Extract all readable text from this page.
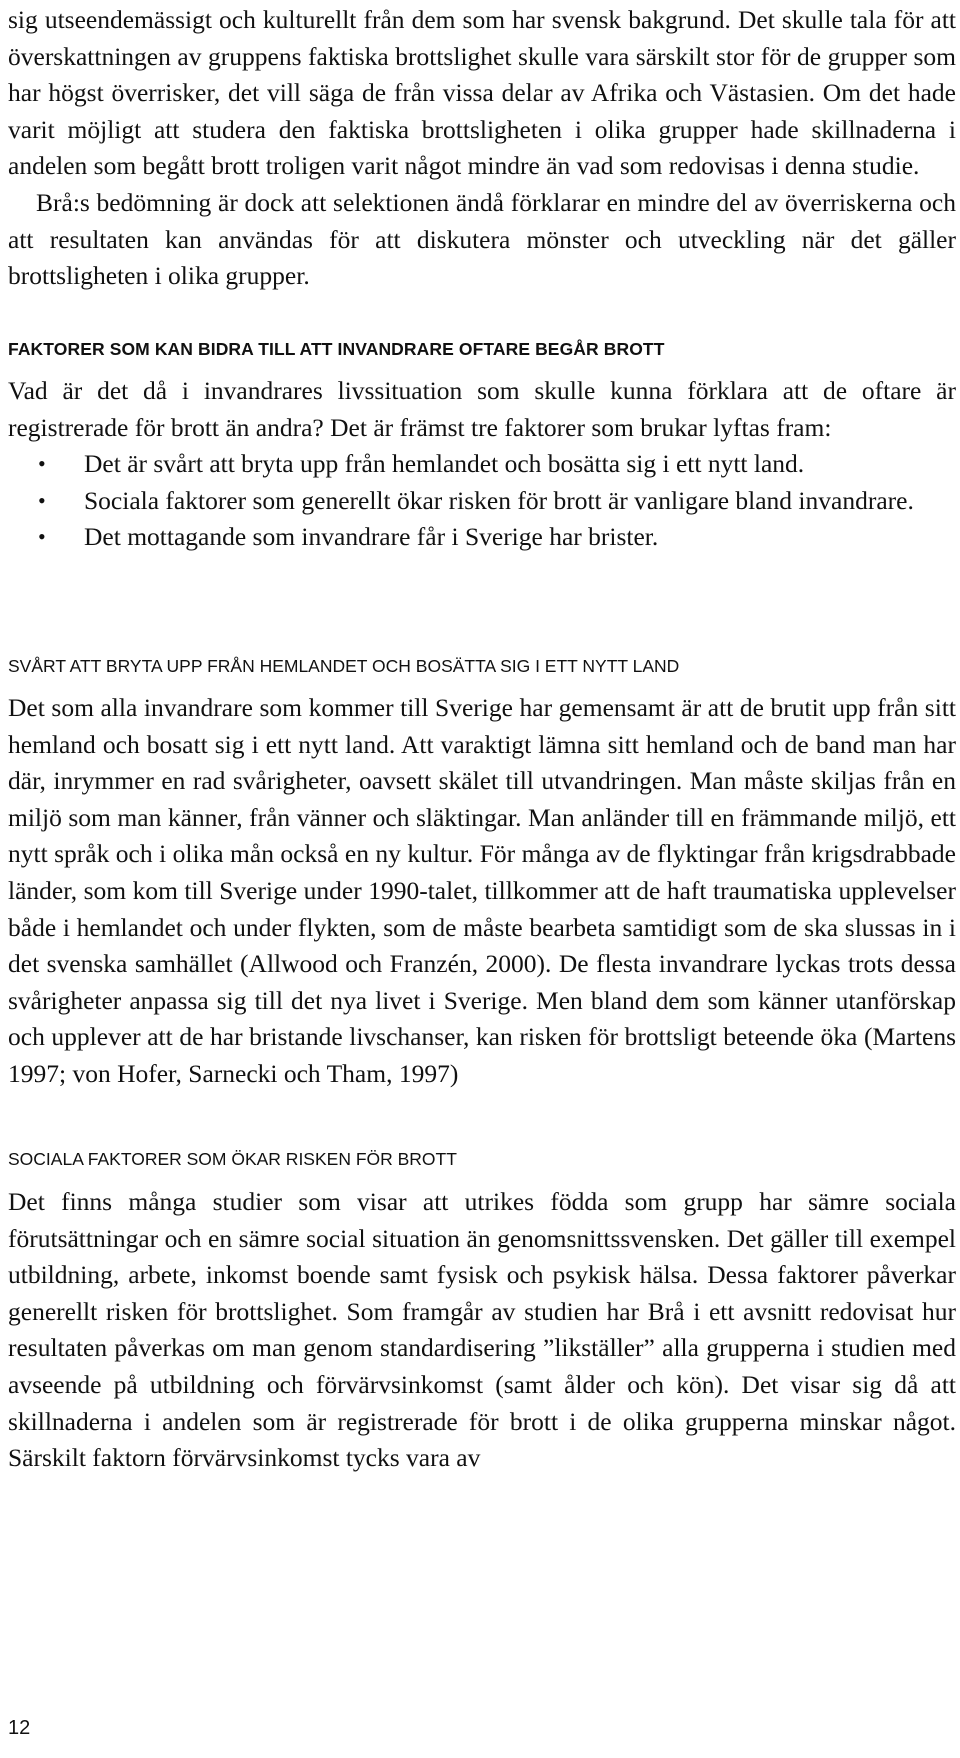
sig utseendemässigt och kulturellt från dem som har svensk bakgrund. Det skulle tala för att överskattningen av gruppens faktiska brottslighet skulle vara särskilt stor för de grupper som har högst överrisker, det vill säga de från vissa delar av Afrika och Västasien. Om det hade varit möjligt att studera den faktiska brottsligheten i olika grupper hade skillnaderna i andelen som begått brott troligen varit något mindre än vad som redovisas i denna studie.

Brå:s bedömning är dock att selektionen ändå förklarar en mindre del av överriskerna och att resultaten kan användas för att diskutera mönster och utveckling när det gäller brottsligheten i olika grupper.

FAKTORER SOM KAN BIDRA TILL ATT INVANDRARE OFTARE BEGÅR BROTT

Vad är det då i invandrares livssituation som skulle kunna förklara att de oftare är registrerade för brott än andra? Det är främst tre faktorer som brukar lyftas fram:

• Det är svårt att bryta upp från hemlandet och bosätta sig i ett nytt land.
• Sociala faktorer som generellt ökar risken för brott är vanligare bland invandrare.
• Det mottagande som invandrare får i Sverige har brister.
SVÅRT ATT BRYTA UPP FRÅN HEMLANDET OCH BOSÄTTA SIG I ETT NYTT LAND

Det som alla invandrare som kommer till Sverige har gemensamt är att de brutit upp från sitt hemland och bosatt sig i ett nytt land. Att varaktigt lämna sitt hemland och de band man har där, inrymmer en rad svårigheter, oavsett skälet till utvandringen. Man måste skiljas från en miljö som man känner, från vänner och släktingar. Man anländer till en främmande miljö, ett nytt språk och i olika mån också en ny kultur. För många av de flyktingar från krigsdrabbade länder, som kom till Sverige under 1990-talet, tillkommer att de haft traumatiska upplevelser både i hemlandet och under flykten, som de måste bearbeta samtidigt som de ska slussas in i det svenska samhället (Allwood och Franzén, 2000). De flesta invandrare lyckas trots dessa svårigheter anpassa sig till det nya livet i Sverige. Men bland dem som känner utanförskap och upplever att de har bristande livschanser, kan risken för brottsligt beteende öka (Martens 1997; von Hofer, Sarnecki och Tham, 1997)

SOCIALA FAKTORER SOM ÖKAR RISKEN FÖR BROTT

Det finns många studier som visar att utrikes födda som grupp har sämre sociala förutsättningar och en sämre social situation än genomsnittssvensken. Det gäller till exempel utbildning, arbete, inkomst boende samt fysisk och psykisk hälsa. Dessa faktorer påverkar generellt risken för brottslighet. Som framgår av studien har Brå i ett avsnitt redovisat hur resultaten påverkas om man genom standardisering ”likställer” alla grupperna i studien med avseende på utbildning och förvärvsinkomst (samt ålder och kön). Det visar sig då att skillnaderna i andelen som är registrerade för brott i de olika grupperna minskar något. Särskilt faktorn förvärvsinkomst tycks vara av

12
